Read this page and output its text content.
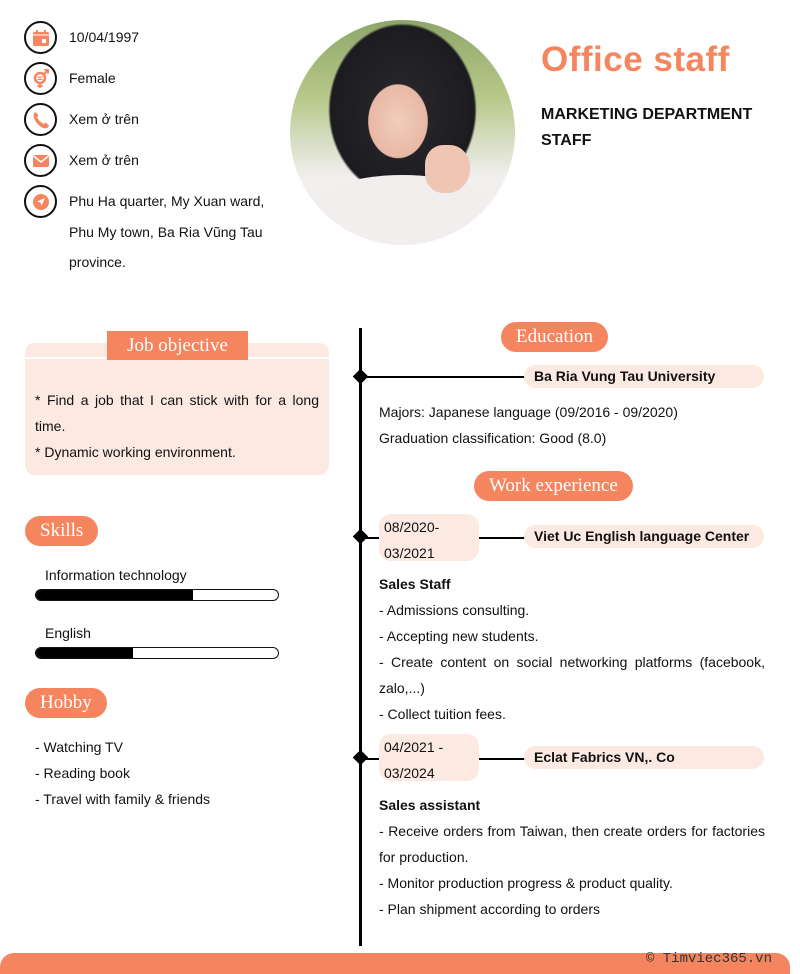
10/04/1997
Female
Xem ở trên
Xem ở trên
Phu Ha quarter, My Xuan ward,
Phu My town, Ba Ria Vũng Tau
province.
Office staff
MARKETING DEPARTMENT STAFF
Job objective
* Find a job that I can stick with for a long time.
* Dynamic working environment.
Skills
Information technology
English
Hobby
- Watching TV
- Reading book
- Travel with family & friends
Education
Ba Ria Vung Tau University
Majors: Japanese language (09/2016 - 09/2020)
Graduation classification: Good (8.0)
Work experience
08/2020-
03/2021
Viet Uc English language Center
Sales Staff
- Admissions consulting.
- Accepting new students.
- Create content on social networking platforms (facebook, zalo,...)
- Collect tuition fees.
04/2021 -
03/2024
Eclat Fabrics VN,. Co
Sales assistant
- Receive orders from Taiwan, then create orders for factories for production.
- Monitor production progress & product quality.
- Plan shipment according to orders
© Timviec365.vn
